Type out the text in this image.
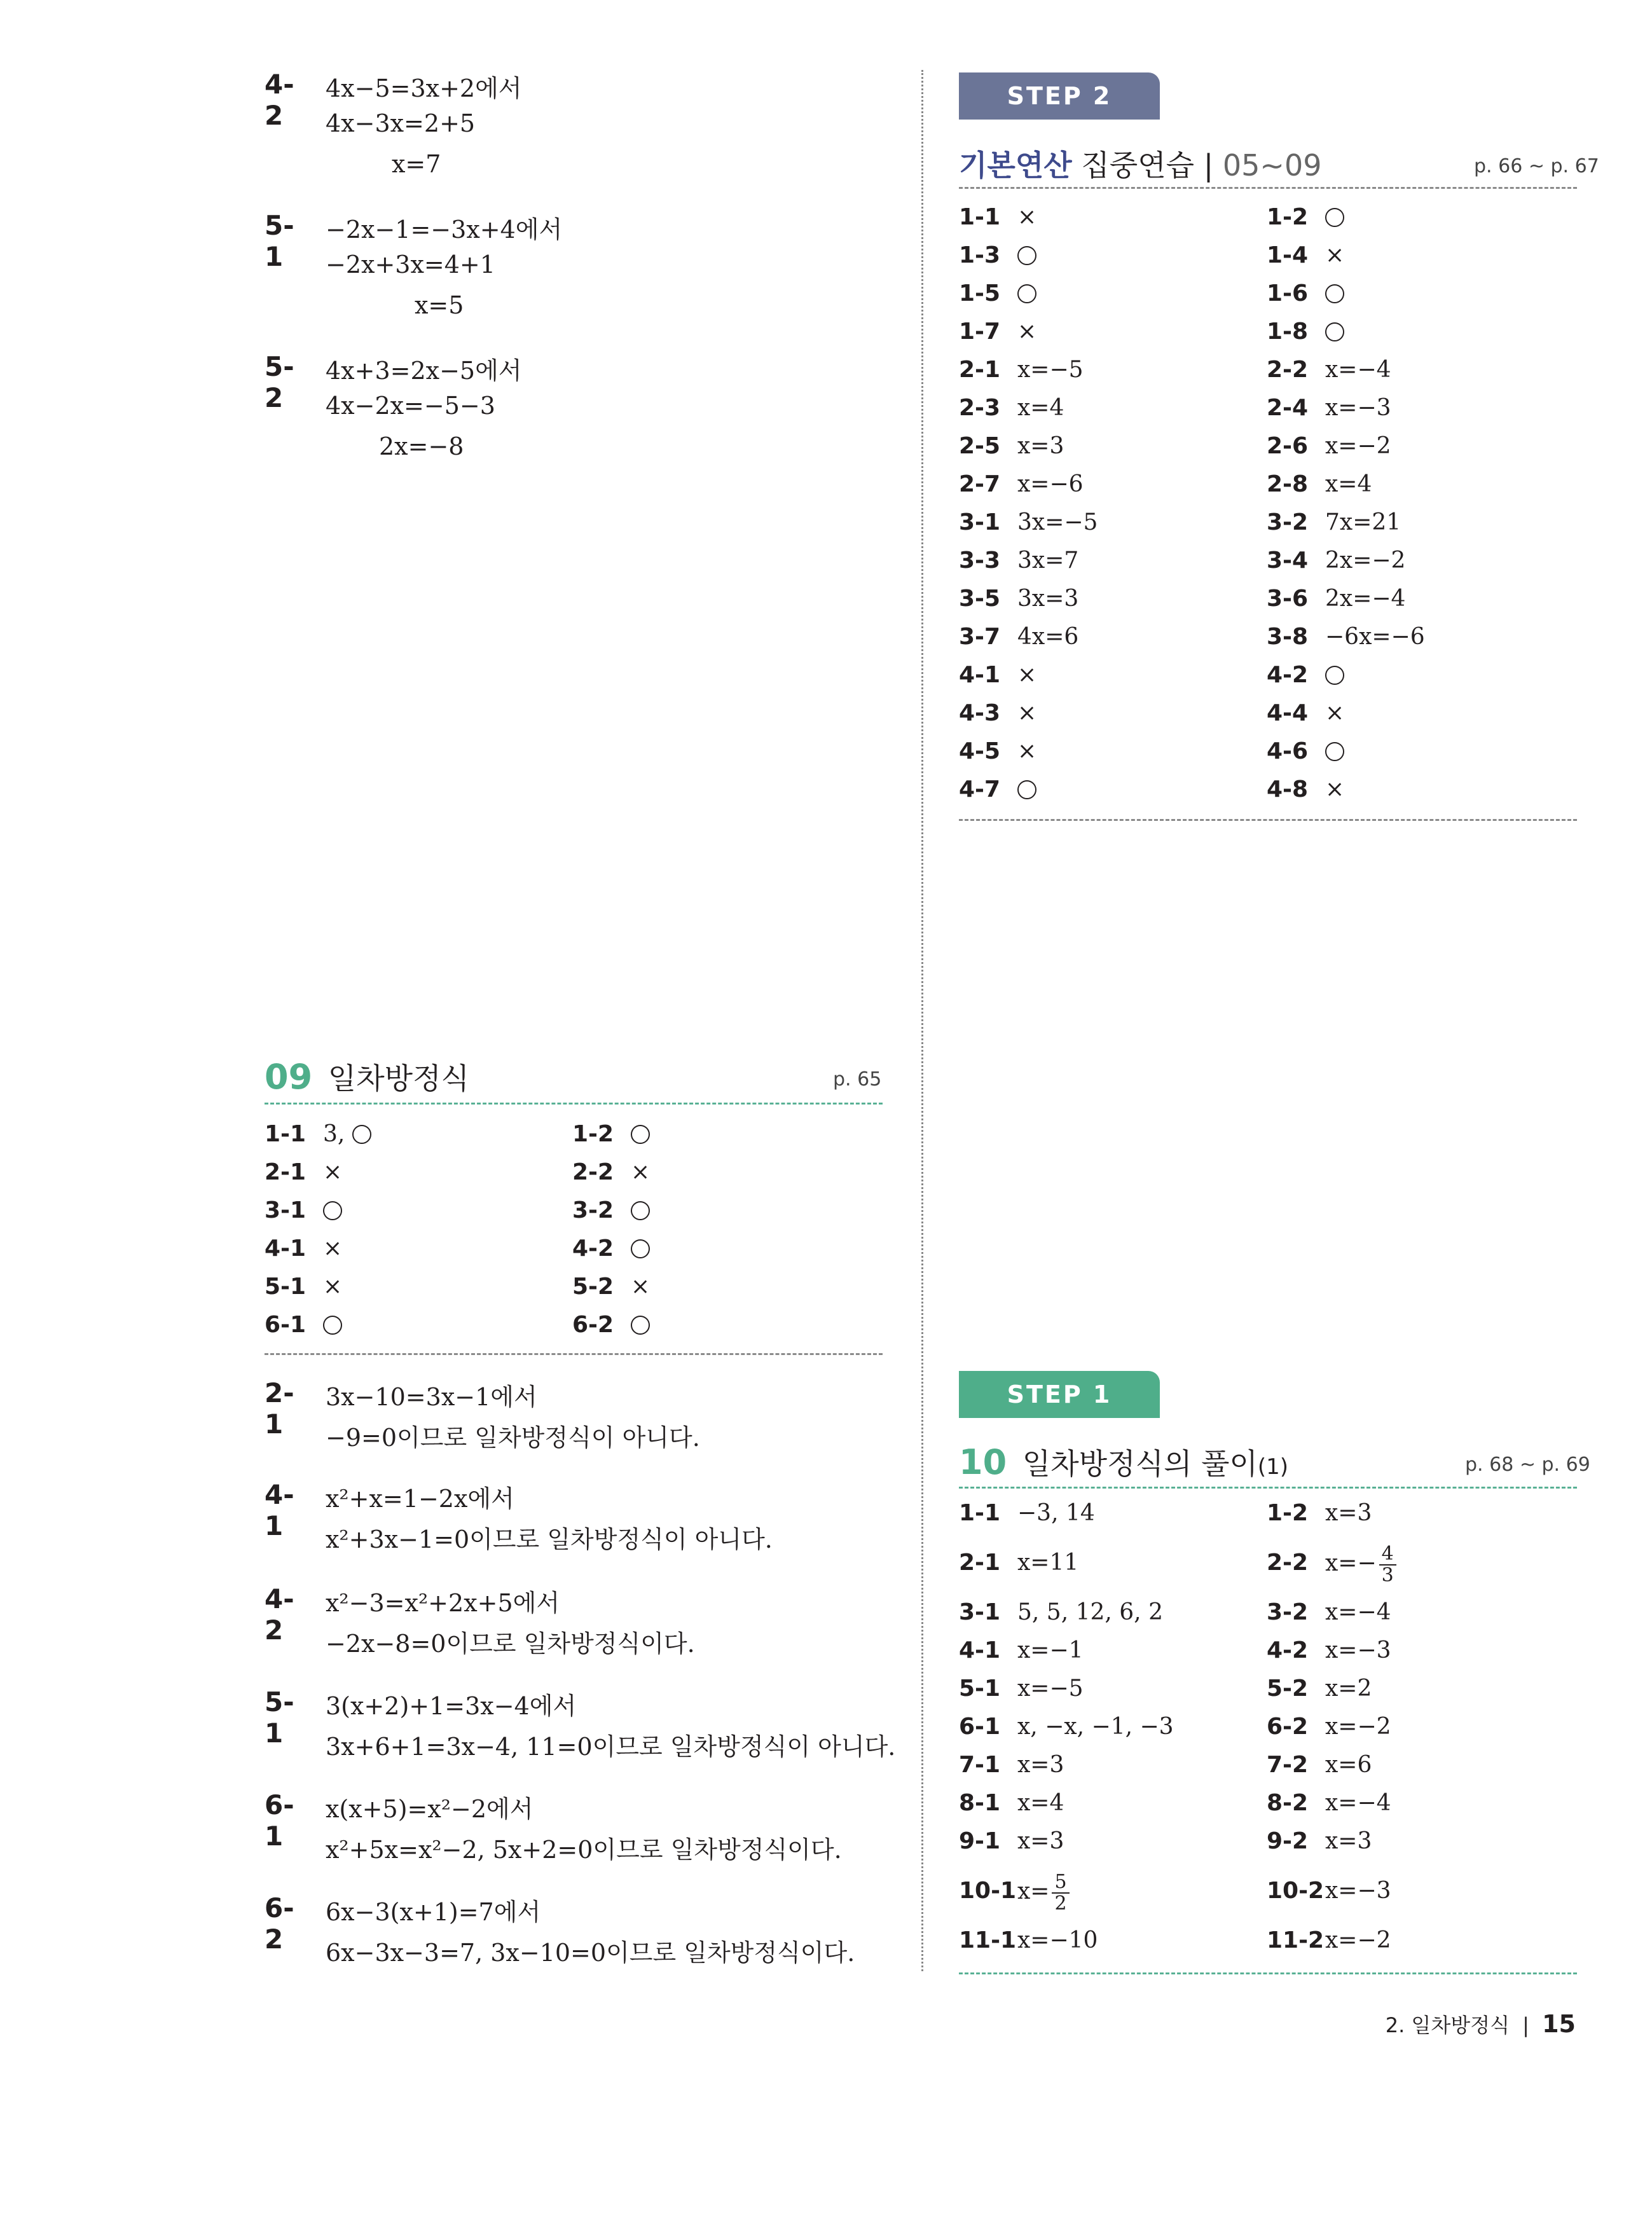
4-2
4x−5=3x+2에서
4x−3x=2+5
x=7
5-1
−2x−1=−3x+4에서
−2x+3x=4+1
x=5
5-2
4x+3=2x−5에서
4x−2x=−5−3
2x=−8
09 일차방정식	p. 65
1-1 3,	1-2
2-1 ×	2-2 ×
3-1	3-2
4-1 ×	4-2
5-1 ×	5-2 ×
6-1	6-2
2-1
3x−10=3x−1에서
−9=0이므로 일차방정식이 아니다.
4-1
x²+x=1−2x에서
x²+3x−1=0이므로 일차방정식이 아니다.
4-2
x²−3=x²+2x+5에서
−2x−8=0이므로 일차방정식이다.
5-1
3(x+2)+1=3x−4에서
3x+6+1=3x−4, 11=0이므로 일차방정식이 아니다.
6-1
x(x+5)=x²−2에서
x²+5x=x²−2, 5x+2=0이므로 일차방정식이다.
6-2
6x−3(x+1)=7에서
6x−3x−3=7, 3x−10=0이므로 일차방정식이다.
STEP 2
기본연산 집중연습 | 05~09	p. 66 ~ p. 67
1-1 ×	1-2
1-3	1-4 ×
1-5	1-6
1-7 ×	1-8
2-1 x=−5	2-2 x=−4
2-3 x=4	2-4 x=−3
2-5 x=3	2-6 x=−2
2-7 x=−6	2-8 x=4
3-1 3x=−5	3-2 7x=21
3-3 3x=7	3-4 2x=−2
3-5 3x=3	3-6 2x=−4
3-7 4x=6	3-8 −6x=−6
4-1 ×	4-2
4-3 ×	4-4 ×
4-5 ×	4-6
4-7	4-8 ×
STEP 1
10 일차방정식의 풀이(1)	p. 68 ~ p. 69
1-1 −3, 14	1-2 x=3
2-1 x=11	2-2 $x=- \frac{4}{3}$
3-1 5, 5, 12, 6, 2	3-2 x=−4
4-1 x=−1	4-2 x=−3
5-1 x=−5	5-2 x=2
6-1 x, −x, −1, −3	6-2 x=−2
7-1 x=3	7-2 x=6
8-1 x=4	8-2 x=−4
9-1 x=3	9-2 x=3
10-1 $x= \frac{5}{2}$	10-2 x=−3
11-1 x=−10	11-2 x=−2
2. 일차방정식 | 15
